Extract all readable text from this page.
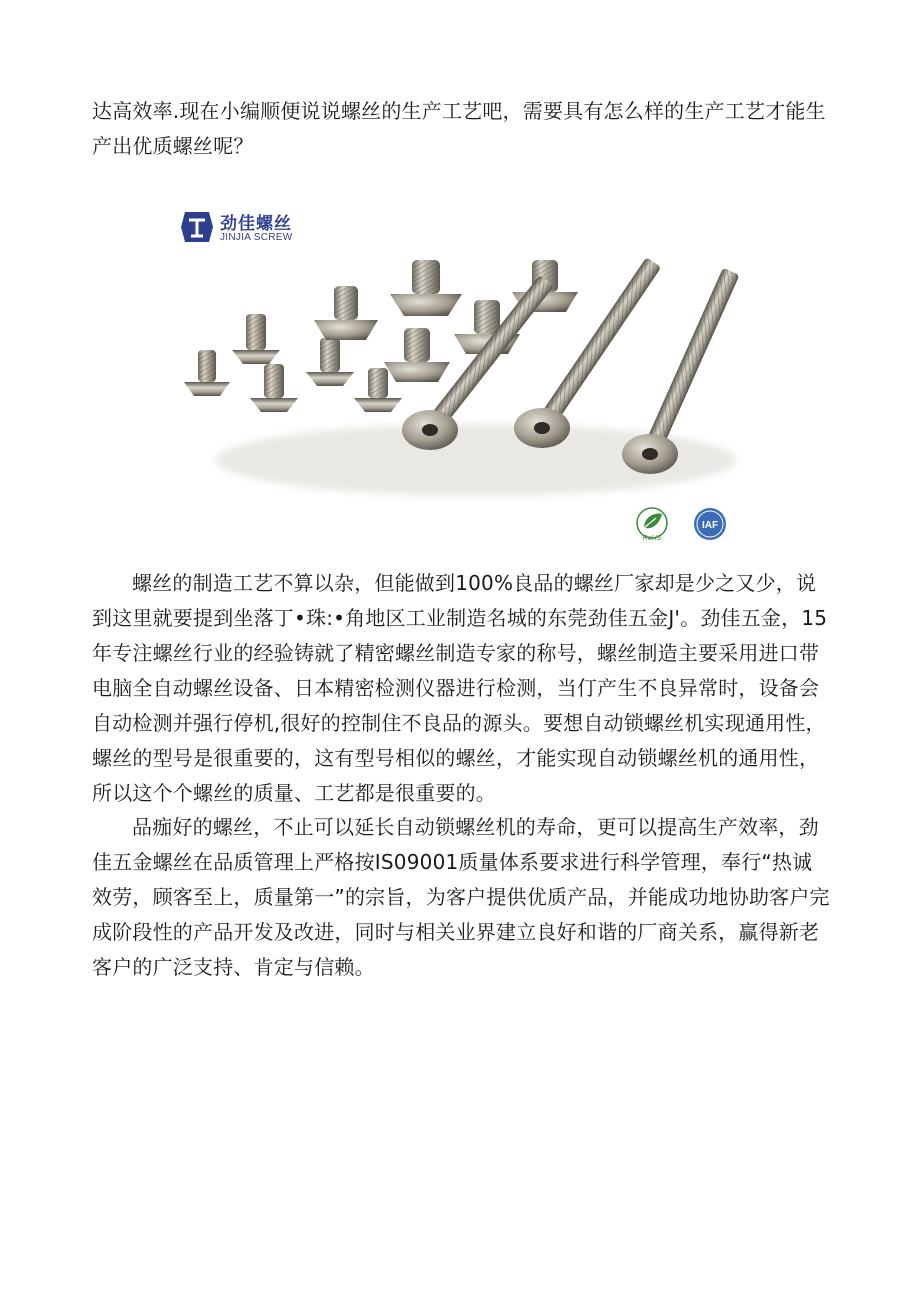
达高效率.现在小编顺便说说螺丝的生产工艺吧，需要具有怎么样的生产工艺才能生产出优质螺丝呢？

劲佳螺丝
JINJIA SCREW
RoHS
IAF

螺丝的制造工艺不算以杂，但能做到100%良品的螺丝厂家却是少之又少，说到这里就要提到坐落丁•珠:•角地区工业制造名城的东莞劲佳五金J'。劲佳五金，15年专注螺丝行业的经验铸就了精密螺丝制造专家的称号，螺丝制造主要采用进口带电脑全自动螺丝设备、日本精密检测仪器进行检测，当仃产生不良异常时，设备会自动检测并强行停机,很好的控制住不良品的源头。要想自动锁螺丝机实现通用性，螺丝的型号是很重要的，这有型号相似的螺丝，才能实现自动锁螺丝机的通用性，所以这个个螺丝的质量、工艺都是很重要的。

品痂好的螺丝，不止可以延长自动锁螺丝机的寿命，更可以提高生产效率，劲佳五金螺丝在品质管理上严格按IS09001质量体系要求进行科学管理，奉行“热诚效劳，顾客至上，质量第一”的宗旨，为客户提供优质产品，并能成功地协助客户完成阶段性的产品开发及改进，同时与相关业界建立良好和谐的厂商关系，赢得新老客户的广泛支持、肯定与信赖。
